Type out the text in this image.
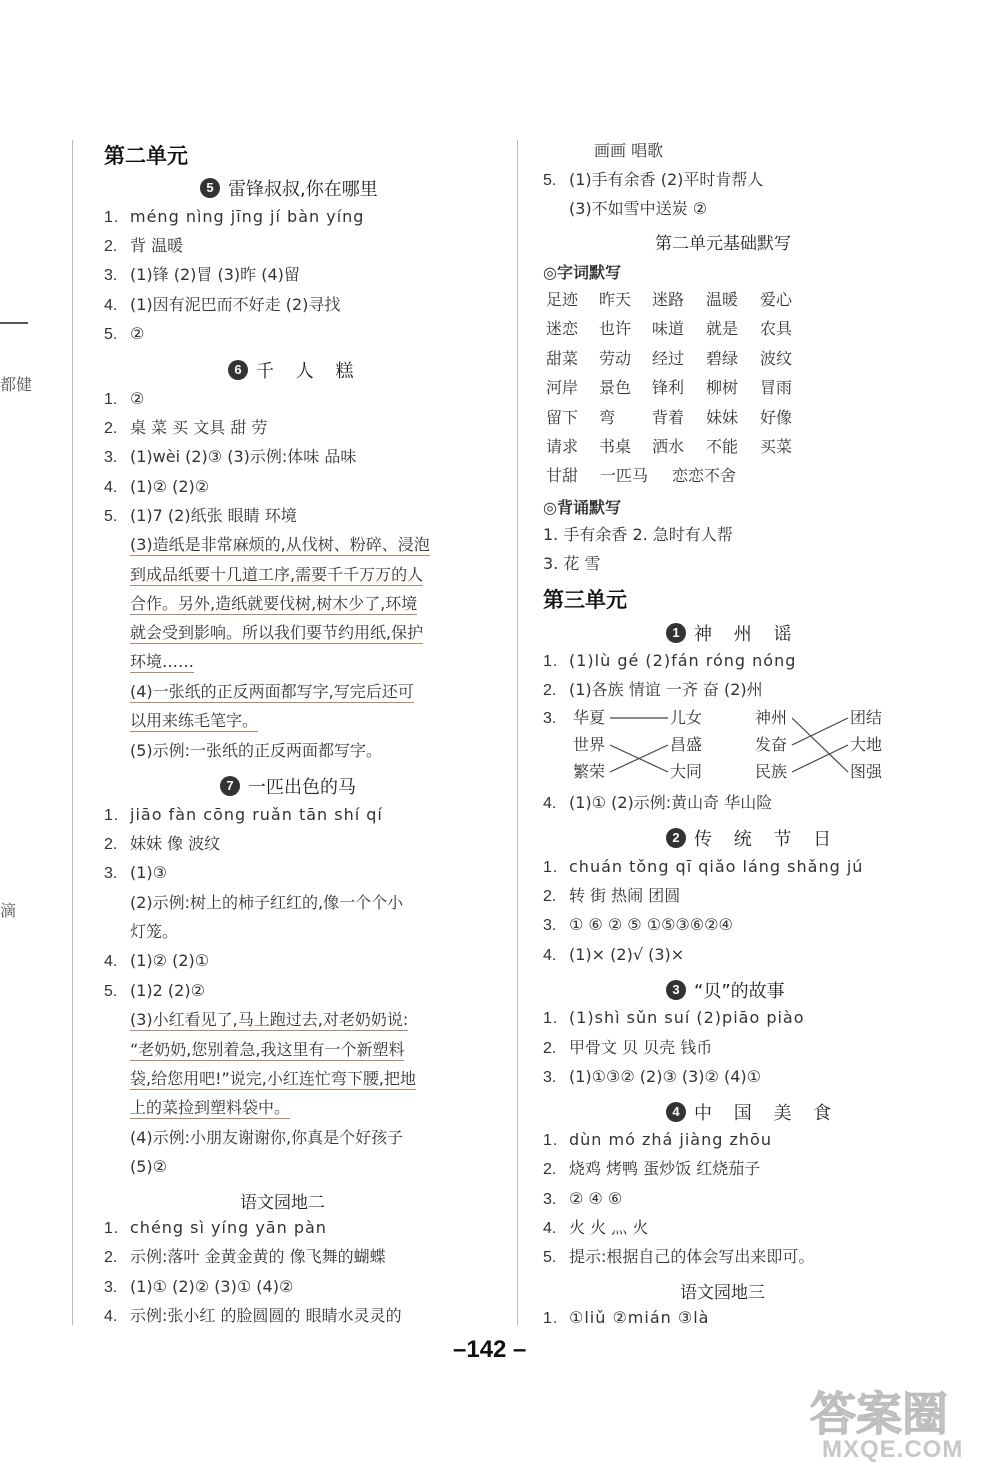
都健
滴
第二单元
5 雷锋叔叔,你在哪里
1. méng nìng jīng jí bàn yíng
2. 背 温暖
3. (1)锋 (2)冒 (3)昨 (4)留
4. (1)因有泥巴而不好走 (2)寻找
5. ②
6 千 人 糕
1. ②
2. 桌 菜 买 文具 甜 劳
3. (1)wèi (2)③ (3)示例:体味 品味
4. (1)② (2)②
5. (1)7 (2)纸张 眼睛 环境
(3)造纸是非常麻烦的,从伐树、粉碎、浸泡
到成品纸要十几道工序,需要千千万万的人
合作。另外,造纸就要伐树,树木少了,环境
就会受到影响。所以我们要节约用纸,保护
环境……
(4)一张纸的正反两面都写字,写完后还可
以用来练毛笔字。
(5)示例:一张纸的正反两面都写字。
7 一匹出色的马
1. jiāo fàn cōng ruǎn tān shí qí
2. 妹妹 像 波纹
3. (1)③
(2)示例:树上的柿子红红的,像一个个小
灯笼。
4. (1)② (2)①
5. (1)2 (2)②
(3)小红看见了,马上跑过去,对老奶奶说:
“老奶奶,您别着急,我这里有一个新塑料
袋,给您用吧!”说完,小红连忙弯下腰,把地
上的菜捡到塑料袋中。
(4)示例:小朋友谢谢你,你真是个好孩子
(5)②
语文园地二
1. chéng sì yíng yān pàn
2. 示例:落叶 金黄金黄的 像飞舞的蝴蝶
3. (1)① (2)② (3)① (4)②
4. 示例:张小红 的脸圆圆的 眼睛水灵灵的
画画 唱歌
5. (1)手有余香 (2)平时肯帮人
(3)不如雪中送炭 ②
第二单元基础默写
◎字词默写
足迹 昨天 迷路 温暖 爱心
迷恋 也许 味道 就是 农具
甜菜 劳动 经过 碧绿 波纹
河岸 景色 锋利 柳树 冒雨
留下 弯 背着 妹妹 好像
请求 书桌 洒水 不能 买菜
甘甜 一匹马 恋恋不舍
◎背诵默写
1. 手有余香 2. 急时有人帮
3. 花 雪
第三单元
1 神 州 谣
1. (1)lù gé (2)fán róng nóng
2. (1)各族 情谊 一齐 奋 (2)州
3. 华夏
世界
繁荣
儿女
昌盛
大同
神州
发奋
民族
团结
大地
图强
4. (1)① (2)示例:黄山奇 华山险
2 传 统 节 日
1. chuán tǒng qī qiǎo láng shǎng jú
2. 转 街 热闹 团圆
3. ① ⑥ ② ⑤ ①⑤③⑥②④
4. (1)× (2)√ (3)×
3 “贝”的故事
1. (1)shì sǔn suí (2)piāo piào
2. 甲骨文 贝 贝壳 钱币
3. (1)①③② (2)③ (3)② (4)①
4 中 国 美 食
1. dùn mó zhá jiàng zhōu
2. 烧鸡 烤鸭 蛋炒饭 红烧茄子
3. ② ④ ⑥
4. 火 火 灬 火
5. 提示:根据自己的体会写出来即可。
语文园地三
1. ①liǔ ②mián ③là
–142 –
答案圈
MXQE.COM
